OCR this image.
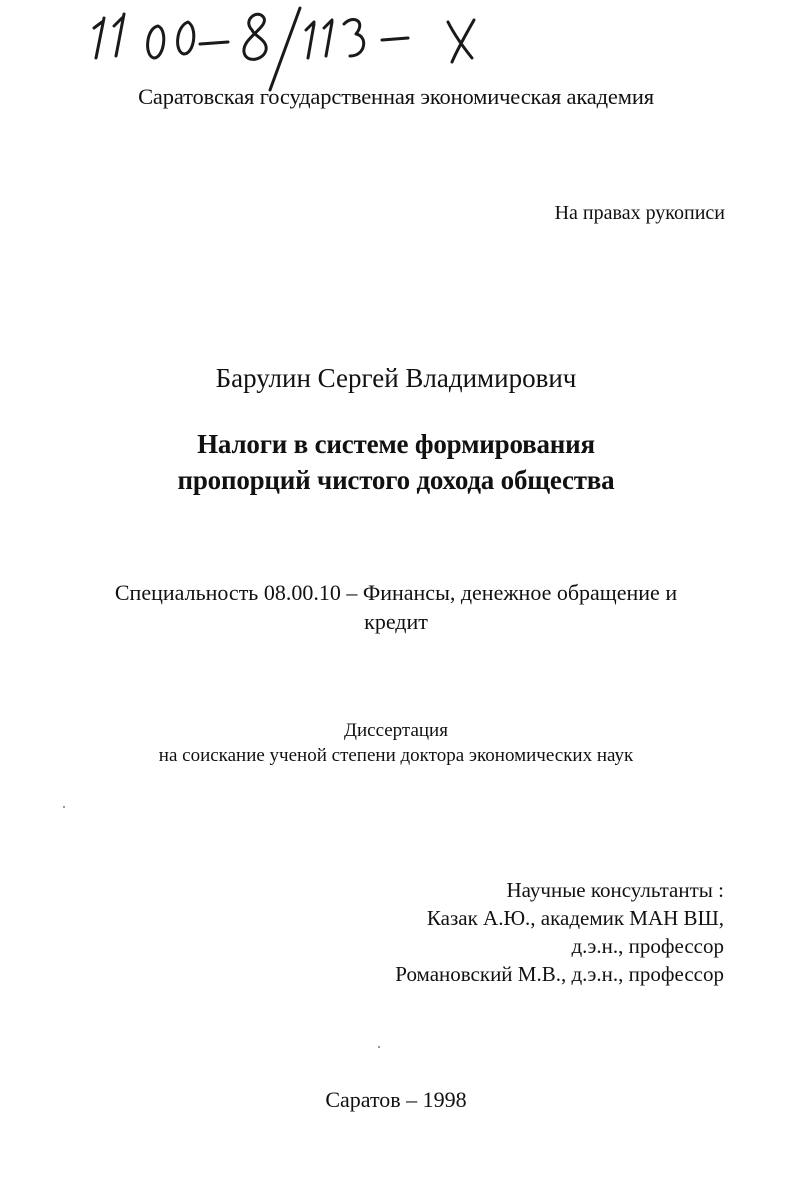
Саратовская государственная экономическая академия
На правах рукописи
Барулин Сергей Владимирович
Налоги в системе формирования
пропорций чистого дохода общества

Специальность 08.00.10 – Финансы, денежное обращение и
кредит

Диссертация
на соискание ученой степени доктора экономических наук

Научные консультанты :
Казак А.Ю., академик МАН ВШ,
д.э.н., профессор
Романовский М.В., д.э.н., профессор

Саратов – 1998
